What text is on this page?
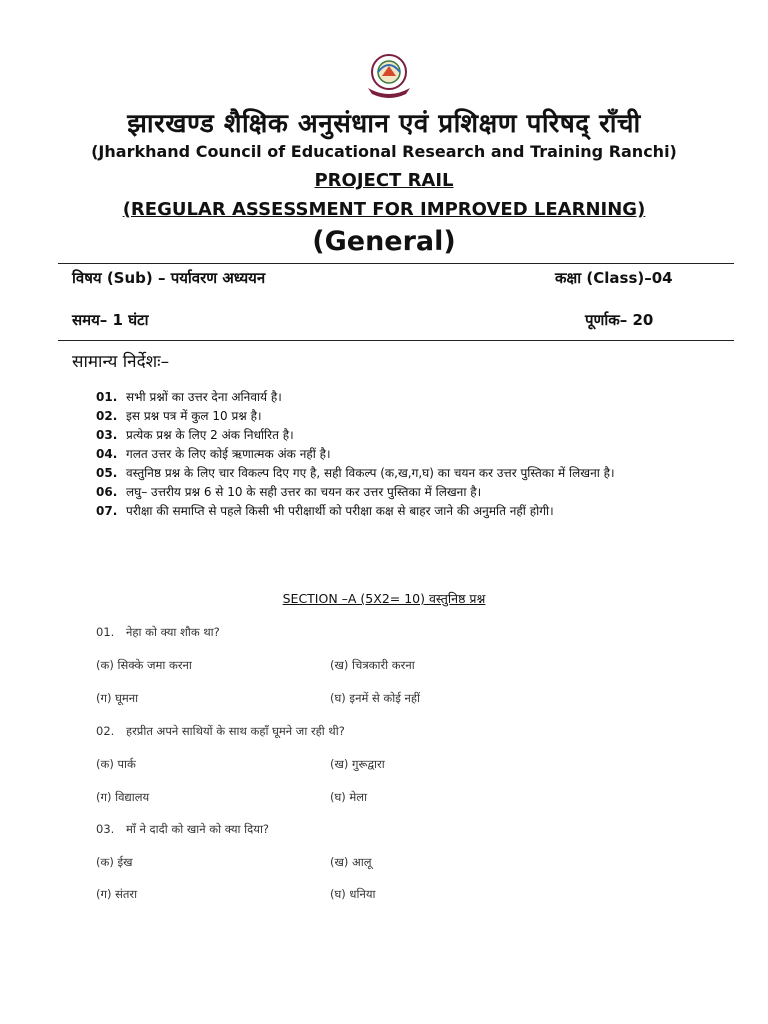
झारखण्ड शैक्षिक अनुसंधान एवं प्रशिक्षण परिषद् राँची
(Jharkhand Council of Educational Research and Training Ranchi)
PROJECT RAIL
(REGULAR ASSESSMENT FOR IMPROVED LEARNING)
(General)
विषय (Sub) – पर्यावरण अध्ययन	कक्षा (Class)–04
समय– 1 घंटा	पूर्णाक– 20
सामान्य निर्देशः–
01. सभी प्रश्नों का उत्तर देना अनिवार्य है।
02. इस प्रश्न पत्र में कुल 10 प्रश्न है।
03. प्रत्येक प्रश्न के लिए 2 अंक निर्धारित है।
04. गलत उत्तर के लिए कोई ऋणात्मक अंक नहीं है।
05. वस्तुनिष्ठ प्रश्न के लिए चार विकल्प दिए गए है, सही विकल्प (क,ख,ग,घ) का चयन कर उत्तर पुस्तिका में लिखना है।
06. लघु– उत्तरीय प्रश्न 6 से 10 के सही उत्तर का चयन कर उत्तर पुस्तिका में लिखना है।
07. परीक्षा की समाप्ति से पहले किसी भी परीक्षार्थी को परीक्षा कक्ष से बाहर जाने की अनुमति नहीं होगी।
SECTION –A (5X2= 10) वस्तुनिष्ठ प्रश्न
01. नेहा को क्या शौक था?
(क) सिक्के जमा करना	(ख) चित्रकारी करना
(ग) घूमना	(घ) इनमें से कोई नहीं
02. हरप्रीत अपने साथियों के साथ कहाँ घूमने जा रही थी?
(क) पार्क	(ख) गुरूद्वारा
(ग) विद्यालय	(घ) मेला
03. माँ ने दादी को खाने को क्या दिया?
(क) ईख	(ख) आलू
(ग) संतरा	(घ) धनिया
